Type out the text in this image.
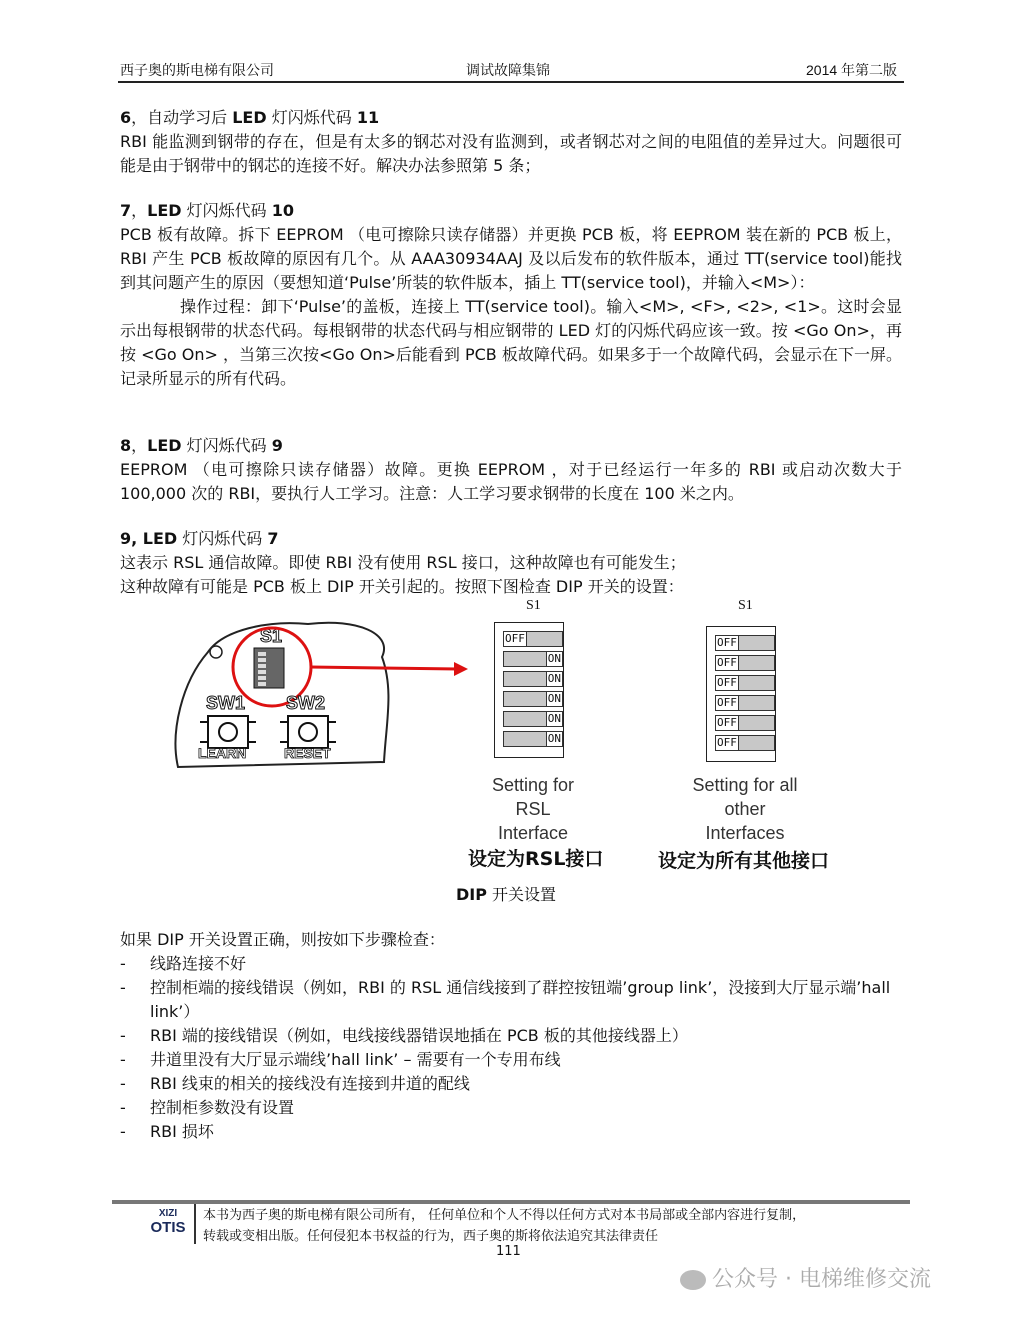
西子奥的斯电梯有限公司	调试故障集锦	2014 年第二版
6，自动学习后 LED 灯闪烁代码 11

RBI 能监测到钢带的存在，但是有太多的钢芯对没有监测到，或者钢芯对之间的电阻值的差异过大。问题很可能是由于钢带中的钢芯的连接不好。解决办法参照第 5 条；

7，LED 灯闪烁代码 10

PCB 板有故障。拆下 EEPROM （电可擦除只读存储器）并更换 PCB 板，将 EEPROM 装在新的 PCB 板上，RBI 产生 PCB 板故障的原因有几个。从 AAA30934AAJ 及以后发布的软件版本，通过 TT(service tool)能找到其问题产生的原因（要想知道‘Pulse’所装的软件版本，插上 TT(service tool)，并输入<M>）：

操作过程：卸下‘Pulse’的盖板，连接上 TT(service tool)。输入<M>, <F>, <2>, <1>。这时会显示出每根钢带的状态代码。每根钢带的状态代码与相应钢带的 LED 灯的闪烁代码应该一致。按 <Go On>，再按 <Go On> ，当第三次按<Go On>后能看到 PCB 板故障代码。如果多于一个故障代码，会显示在下一屏。记录所显示的所有代码。

8，LED 灯闪烁代码 9

EEPROM （电可擦除只读存储器）故障。更换 EEPROM ，对于已经运行一年多的 RBI 或启动次数大于 100,000 次的 RBI，要执行人工学习。注意：人工学习要求钢带的长度在 100 米之内。

9, LED 灯闪烁代码 7

这表示 RSL 通信故障。即使 RBI 没有使用 RSL 接口，这种故障也有可能发生；

这种故障有可能是 PCB 板上 DIP 开关引起的。按照下图检查 DIP 开关的设置：

S1
SW1 SW2
LEARN	RESET
S1
OFF
ON
ON
ON
ON
ON
S1
OFF
OFF
OFF
OFF
OFF
OFF
Setting for
RSL
Interface
Setting for all
other
Interfaces
设定为RSL接口	设定为所有其他接口
DIP 开关设置

如果 DIP 开关设置正确，则按如下步骤检查：

- 线路连接不好
- 控制柜端的接线错误（例如，RBI 的 RSL 通信线接到了群控按钮端’group link’，没接到大厅显示端’hall link’）
- RBI 端的接线错误（例如，电线接线器错误地插在 PCB 板的其他接线器上）
- 井道里没有大厅显示端线’hall link’ – 需要有一个专用布线
- RBI 线束的相关的接线没有连接到井道的配线
- 控制柜参数没有设置
- RBI 损坏
XIZI
OTIS
本书为西子奥的斯电梯有限公司所有， 任何单位和个人不得以任何方式对本书局部或全部内容进行复制，
转载或变相出版。任何侵犯本书权益的行为，西子奥的斯将依法追究其法律责任
111
公众号 · 电梯维修交流
